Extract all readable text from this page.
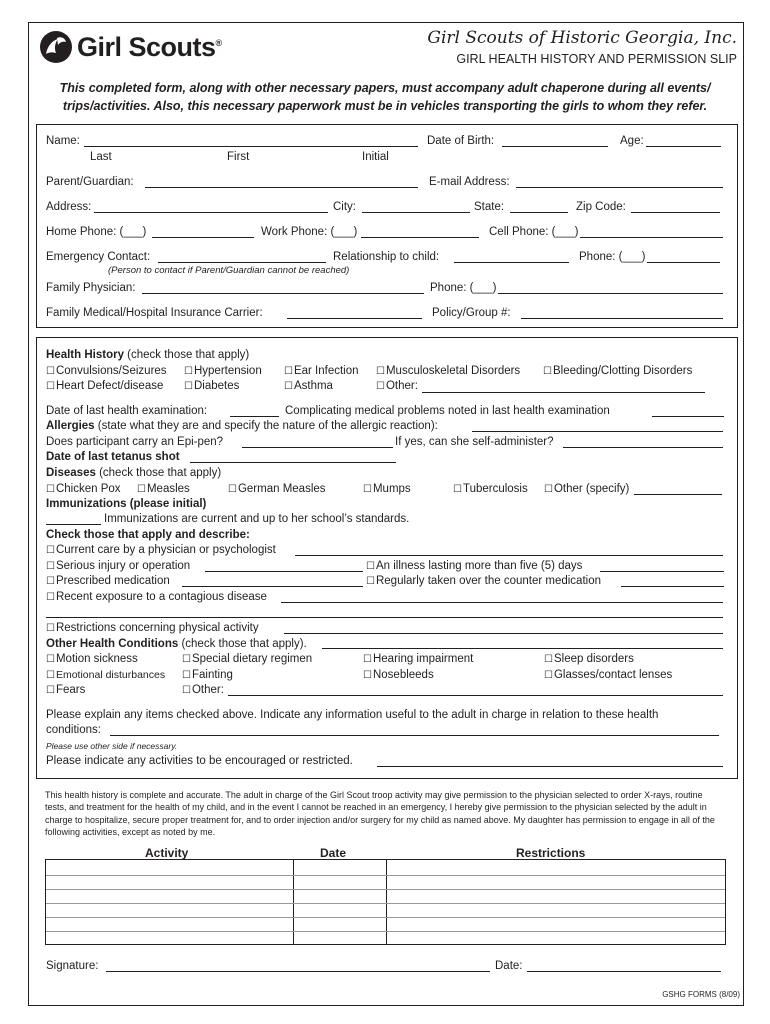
Girl Scouts®	Girl Scouts of Historic Georgia, Inc.
GIRL HEALTH HISTORY AND PERMISSION SLIP
This completed form, along with other necessary papers, must accompany adult chaperone during all events/
trips/activities. Also, this necessary paperwork must be in vehicles transporting the girls to whom they refer.
Name:	Date of Birth:	Age:
Last	First	Initial
Parent/Guardian:	E-mail Address:
Address:	City:	State:	Zip Code:
Home Phone: (___)	Work Phone: (___)	Cell Phone: (___)
Emergency Contact:	Relationship to child:	Phone: (___)
(Person to contact if Parent/Guardian cannot be reached)
Family Physician:	Phone: (___)
Family Medical/Hospital Insurance Carrier:	Policy/Group #:
Health History (check those that apply)
☐Convulsions/Seizures ☐Hypertension ☐Ear Infection ☐Musculoskeletal Disorders ☐Bleeding/Clotting Disorders
☐Heart Defect/disease ☐Diabetes	☐Asthma	☐Other:
Date of last health examination:	Complicating medical problems noted in last health examination
Allergies (state what they are and specify the nature of the allergic reaction):
Does participant carry an Epi-pen?	If yes, can she self-administer?
Date of last tetanus shot
Diseases (check those that apply)
☐Chicken Pox ☐Measles	☐German Measles	☐Mumps	☐Tuberculosis ☐Other (specify)
Immunizations (please initial)
Immunizations are current and up to her school’s standards.
Check those that apply and describe:
☐Current care by a physician or psychologist
☐Serious injury or operation	☐An illness lasting more than five (5) days
☐Prescribed medication	☐Regularly taken over the counter medication
☐Recent exposure to a contagious disease
☐Restrictions concerning physical activity
Other Health Conditions (check those that apply).
☐Motion sickness	☐Special dietary regimen	☐Hearing impairment	☐Sleep disorders
☐Emotional disturbances ☐Fainting	☐Nosebleeds	☐Glasses/contact lenses
☐Fears	☐Other:
Please explain any items checked above. Indicate any information useful to the adult in charge in relation to these health
conditions:
Please use other side if necessary.
Please indicate any activities to be encouraged or restricted.
This health history is complete and accurate. The adult in charge of the Girl Scout troop activity may give permission to the physician selected to order X-rays, routine tests, and treatment for the health of my child, and in the event I cannot be reached in an emergency, I hereby give permission to the physician selected by the adult in charge to hospitalize, secure proper treatment for, and to order injection and/or surgery for my child as named above. My daughter has permission to engage in all of the following activities, except as noted by me.
Activity	Date	Restrictions
Signature:	Date:
GSHG FORMS (8/09)
